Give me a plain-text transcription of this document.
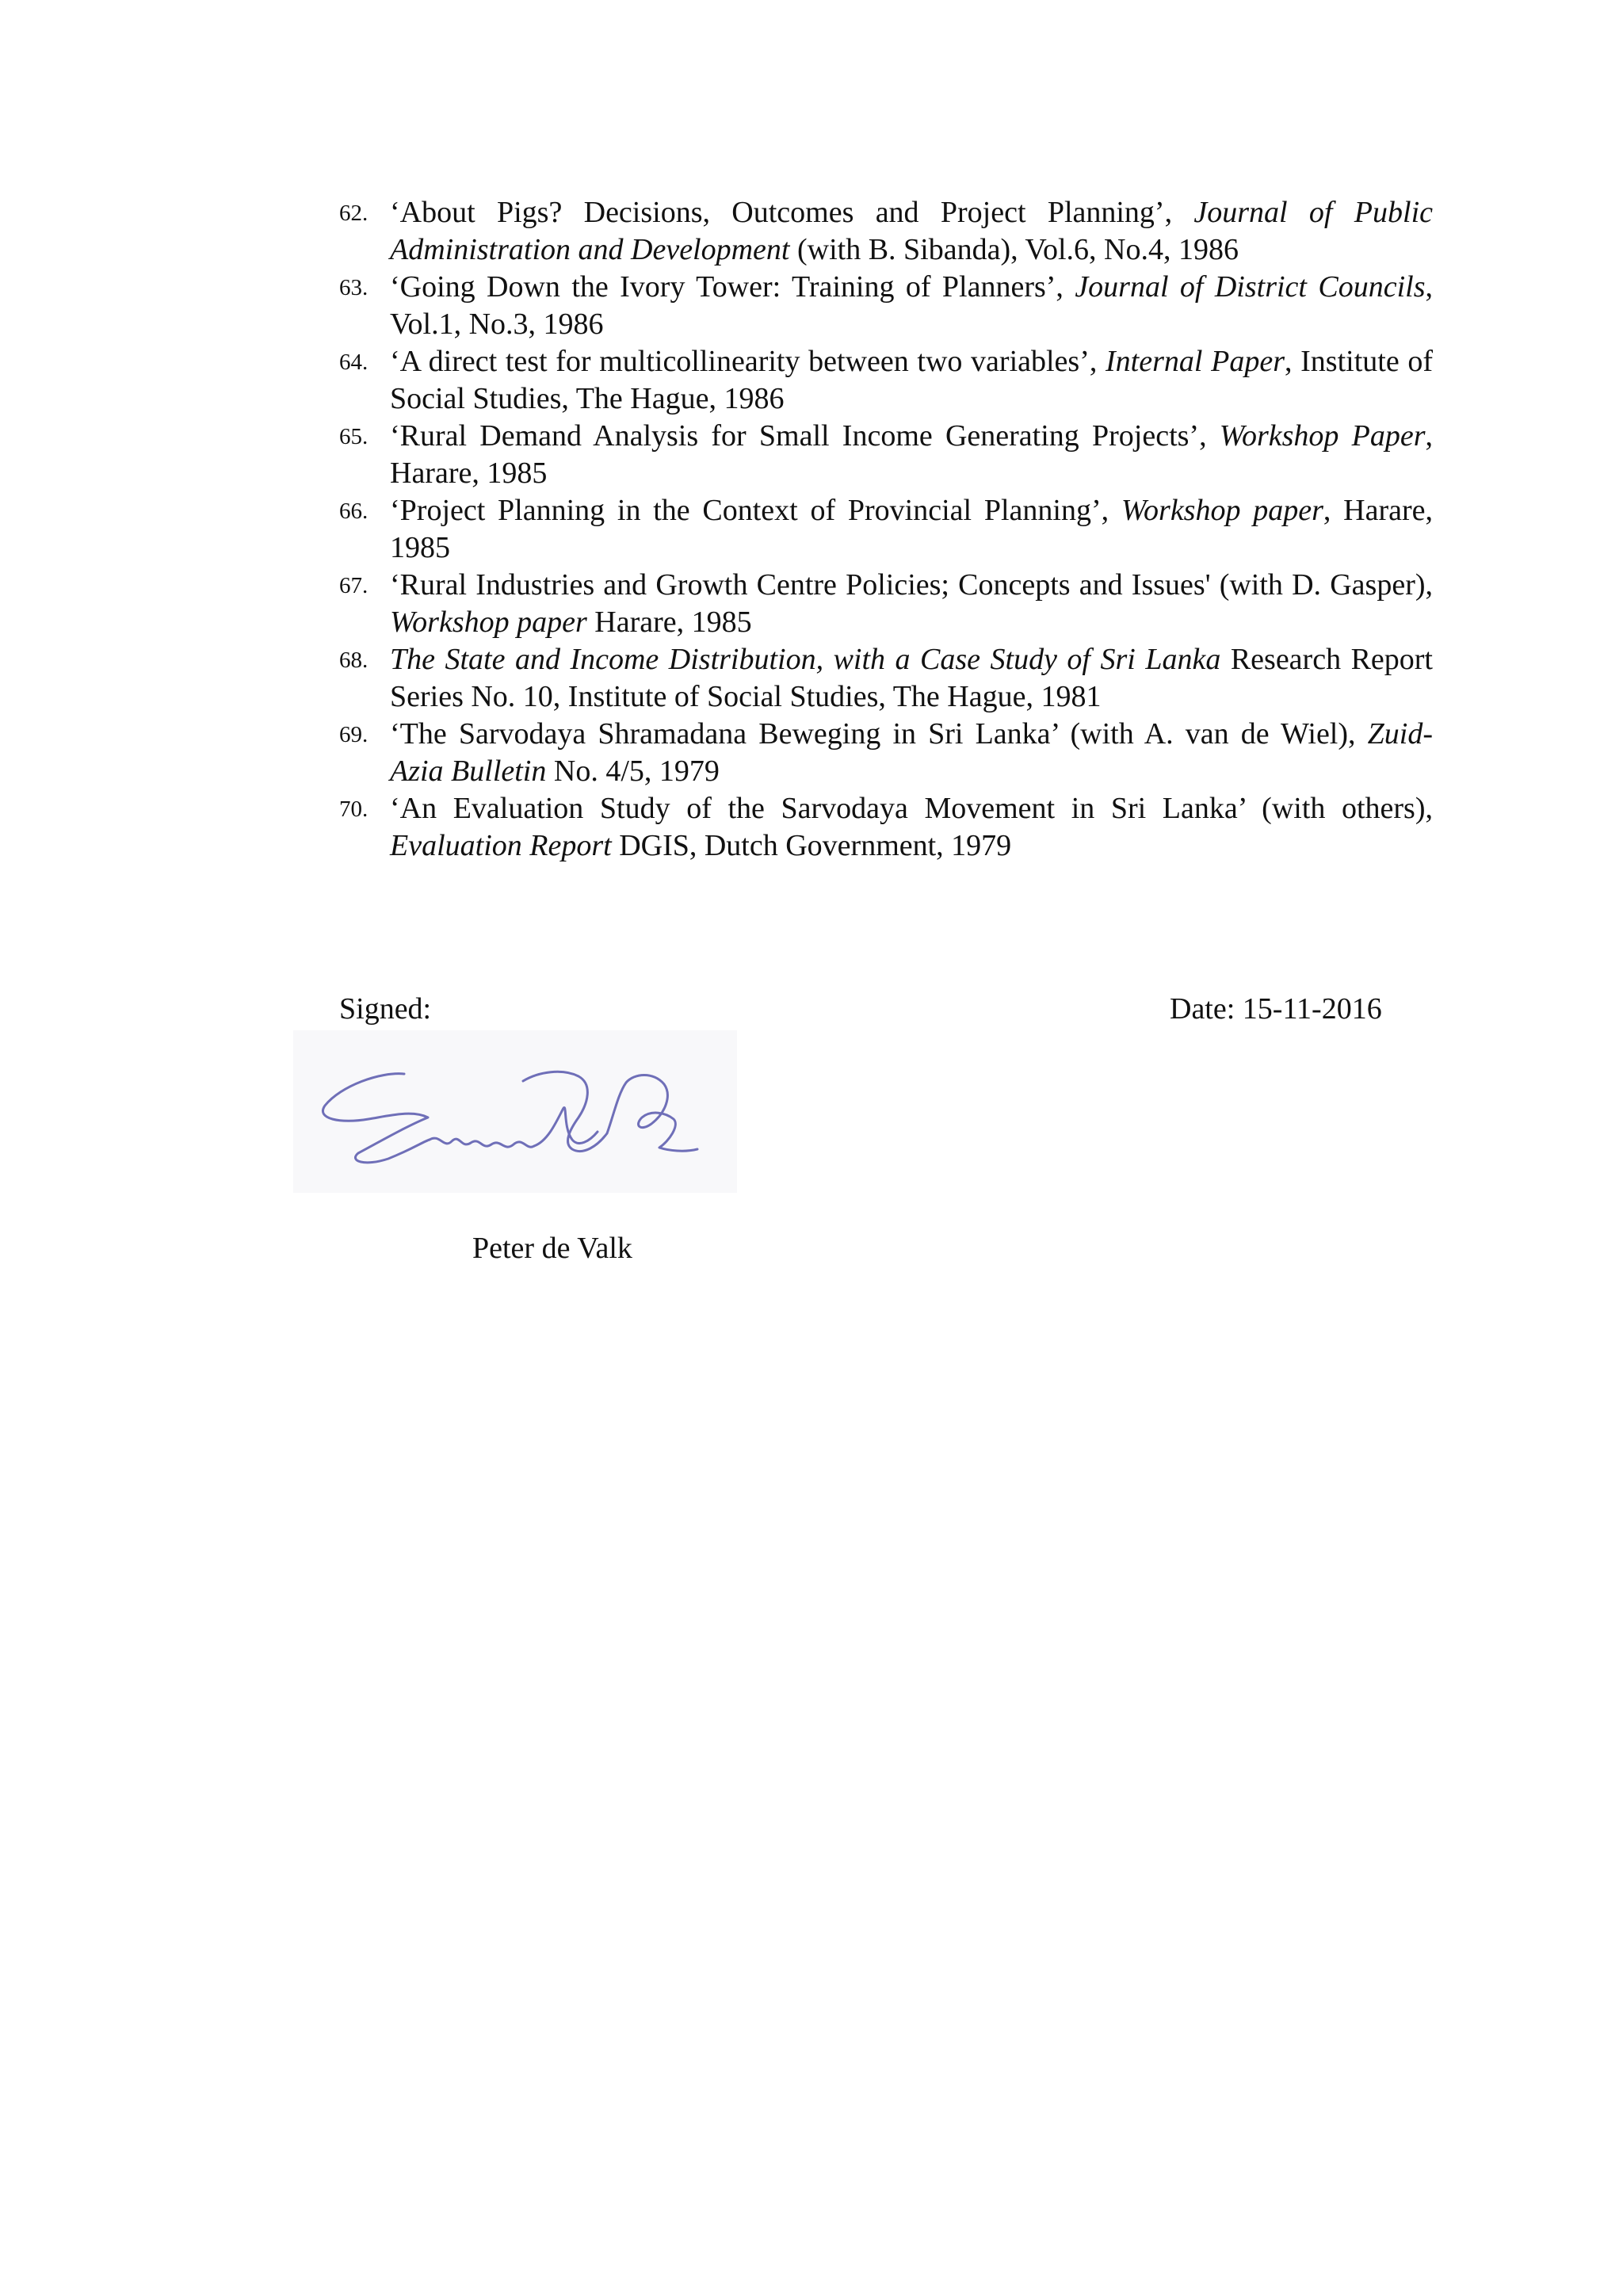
62. ‘About Pigs? Decisions, Outcomes and Project Planning’, Journal of Public Administration and Development (with B. Sibanda), Vol.6, No.4, 1986
63. ‘Going Down the Ivory Tower: Training of Planners’, Journal of District Councils, Vol.1, No.3, 1986
64. ‘A direct test for multicollinearity between two variables’, Internal Paper, Institute of Social Studies, The Hague, 1986
65. ‘Rural Demand Analysis for Small Income Generating Projects’, Workshop Paper, Harare, 1985
66. ‘Project Planning in the Context of Provincial Planning’, Workshop paper, Harare, 1985
67. ‘Rural Industries and Growth Centre Policies; Concepts and Issues' (with D. Gasper), Workshop paper Harare, 1985
68. The State and Income Distribution, with a Case Study of Sri Lanka Research Report Series No. 10, Institute of Social Studies, The Hague, 1981
69. ‘The Sarvodaya Shramadana Beweging in Sri Lanka’ (with A. van de Wiel), Zuid-Azia Bulletin No. 4/5, 1979
70. ‘An Evaluation Study of the Sarvodaya Movement in Sri Lanka’ (with others), Evaluation Report DGIS, Dutch Government, 1979
Signed:	Date: 15-11-2016
Peter de Valk
